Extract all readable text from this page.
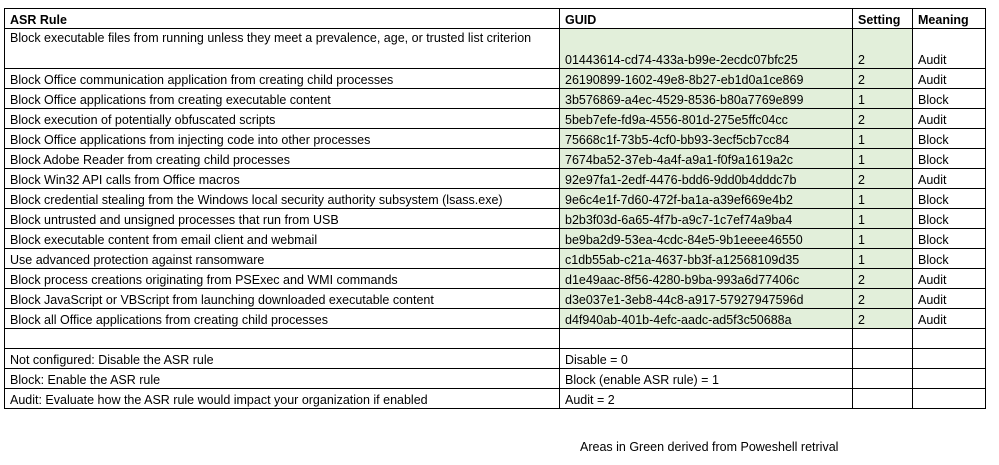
ASR Rule	GUID	Setting	Meaning
Block executable files from running unless they meet a prevalence, age, or trusted list criterion	01443614-cd74-433a-b99e-2ecdc07bfc25	2	Audit
Block Office communication application from creating child processes	26190899-1602-49e8-8b27-eb1d0a1ce869	2	Audit
Block Office applications from creating executable content	3b576869-a4ec-4529-8536-b80a7769e899	1	Block
Block execution of potentially obfuscated scripts	5beb7efe-fd9a-4556-801d-275e5ffc04cc	2	Audit
Block Office applications from injecting code into other processes	75668c1f-73b5-4cf0-bb93-3ecf5cb7cc84	1	Block
Block Adobe Reader from creating child processes	7674ba52-37eb-4a4f-a9a1-f0f9a1619a2c	1	Block
Block Win32 API calls from Office macros	92e97fa1-2edf-4476-bdd6-9dd0b4dddc7b	2	Audit
Block credential stealing from the Windows local security authority subsystem (lsass.exe)	9e6c4e1f-7d60-472f-ba1a-a39ef669e4b2	1	Block
Block untrusted and unsigned processes that run from USB	b2b3f03d-6a65-4f7b-a9c7-1c7ef74a9ba4	1	Block
Block executable content from email client and webmail	be9ba2d9-53ea-4cdc-84e5-9b1eeee46550	1	Block
Use advanced protection against ransomware	c1db55ab-c21a-4637-bb3f-a12568109d35	1	Block
Block process creations originating from PSExec and WMI commands	d1e49aac-8f56-4280-b9ba-993a6d77406c	2	Audit
Block JavaScript or VBScript from launching downloaded executable content	d3e037e1-3eb8-44c8-a917-57927947596d	2	Audit
Block all Office applications from creating child processes	d4f940ab-401b-4efc-aadc-ad5f3c50688a	2	Audit

Not configured: Disable the ASR rule	Disable = 0		
Block: Enable the ASR rule	Block (enable ASR rule) = 1		
Audit: Evaluate how the ASR rule would impact your organization if enabled	Audit = 2		
Areas in Green derived from Poweshell retrival
